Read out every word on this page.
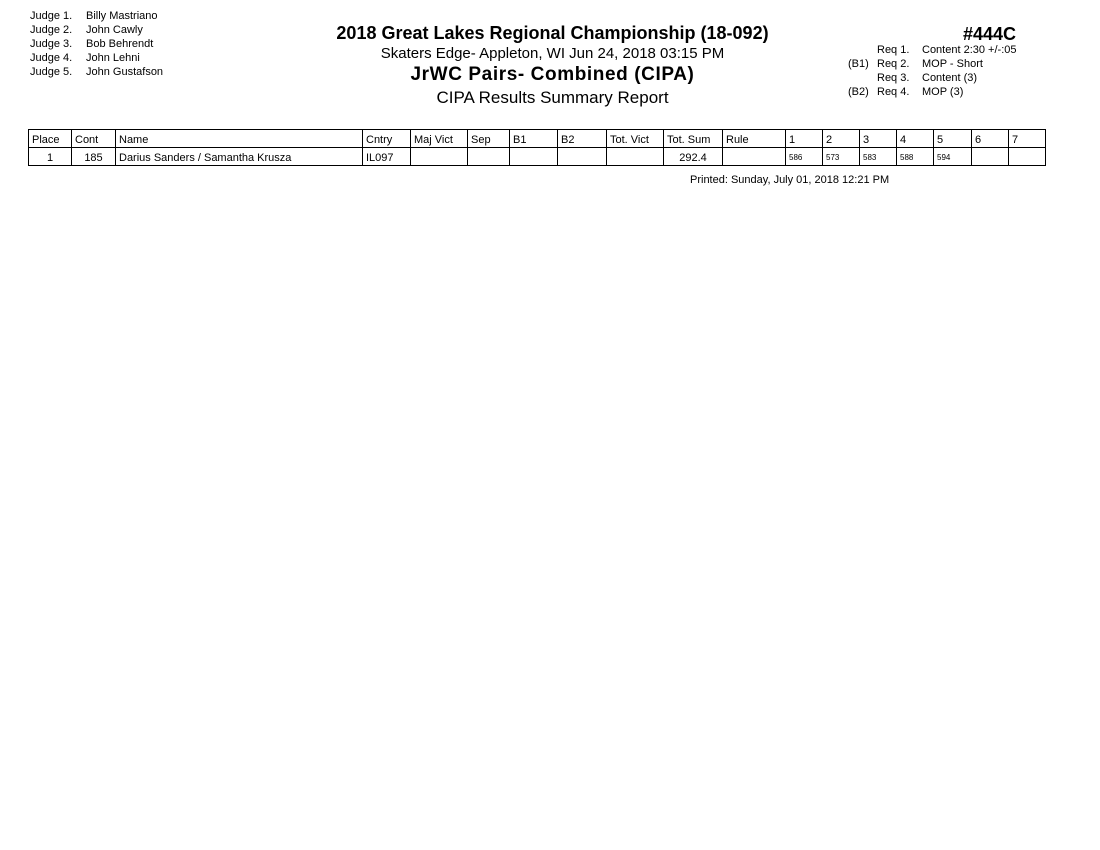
Judge 1.	Billy Mastriano
Judge 2.	John Cawly
Judge 3.	Bob Behrendt
Judge 4.	John Lehni
Judge 5.	John Gustafson
2018 Great Lakes Regional Championship (18-092)
Skaters Edge- Appleton, WI Jun 24, 2018 03:15 PM
JrWC Pairs- Combined (CIPA)
CIPA Results Summary Report
#444C
Req 1.	Content 2:30 +/-:05
(B1) Req 2.	MOP - Short
Req 3.	Content (3)
(B2) Req 4.	MOP (3)
Place	Cont	Name	Cntry	Maj Vict	Sep	B1	B2	Tot. Vict	Tot. Sum	Rule	1	2	3	4	5	6	7
1	185	Darius Sanders / Samantha Krusza	IL097						292.4		586	573	583	588	594		
Printed: Sunday, July 01, 2018 12:21 PM
